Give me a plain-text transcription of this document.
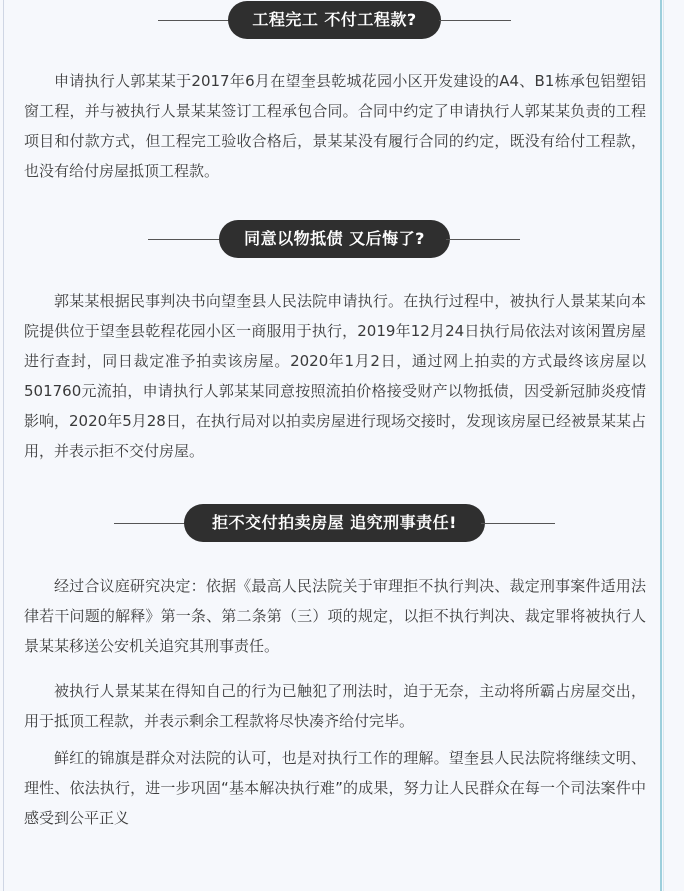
工程完工 不付工程款?

申请执行人郭某某于2017年6月在望奎县乾城花园小区开发建设的A4、B1栋承包铝塑铝窗工程，并与被执行人景某某签订工程承包合同。合同中约定了申请执行人郭某某负责的工程项目和付款方式，但工程完工验收合格后，景某某没有履行合同的约定，既没有给付工程款，也没有给付房屋抵顶工程款。

同意以物抵债 又后悔了?

郭某某根据民事判决书向望奎县人民法院申请执行。在执行过程中，被执行人景某某向本院提供位于望奎县乾程花园小区一商服用于执行，2019年12月24日执行局依法对该闲置房屋进行查封，同日裁定准予拍卖该房屋。2020年1月2日，通过网上拍卖的方式最终该房屋以501760元流拍，申请执行人郭某某同意按照流拍价格接受财产以物抵债，因受新冠肺炎疫情影响，2020年5月28日，在执行局对以拍卖房屋进行现场交接时，发现该房屋已经被景某某占用，并表示拒不交付房屋。

拒不交付拍卖房屋 追究刑事责任!

经过合议庭研究决定：依据《最高人民法院关于审理拒不执行判决、裁定刑事案件适用法律若干问题的解释》第一条、第二条第（三）项的规定，以拒不执行判决、裁定罪将被执行人景某某移送公安机关追究其刑事责任。

被执行人景某某在得知自己的行为已触犯了刑法时，迫于无奈，主动将所霸占房屋交出，用于抵顶工程款，并表示剩余工程款将尽快凑齐给付完毕。

鲜红的锦旗是群众对法院的认可，也是对执行工作的理解。望奎县人民法院将继续文明、理性、依法执行，进一步巩固“基本解决执行难”的成果，努力让人民群众在每一个司法案件中感受到公平正义
